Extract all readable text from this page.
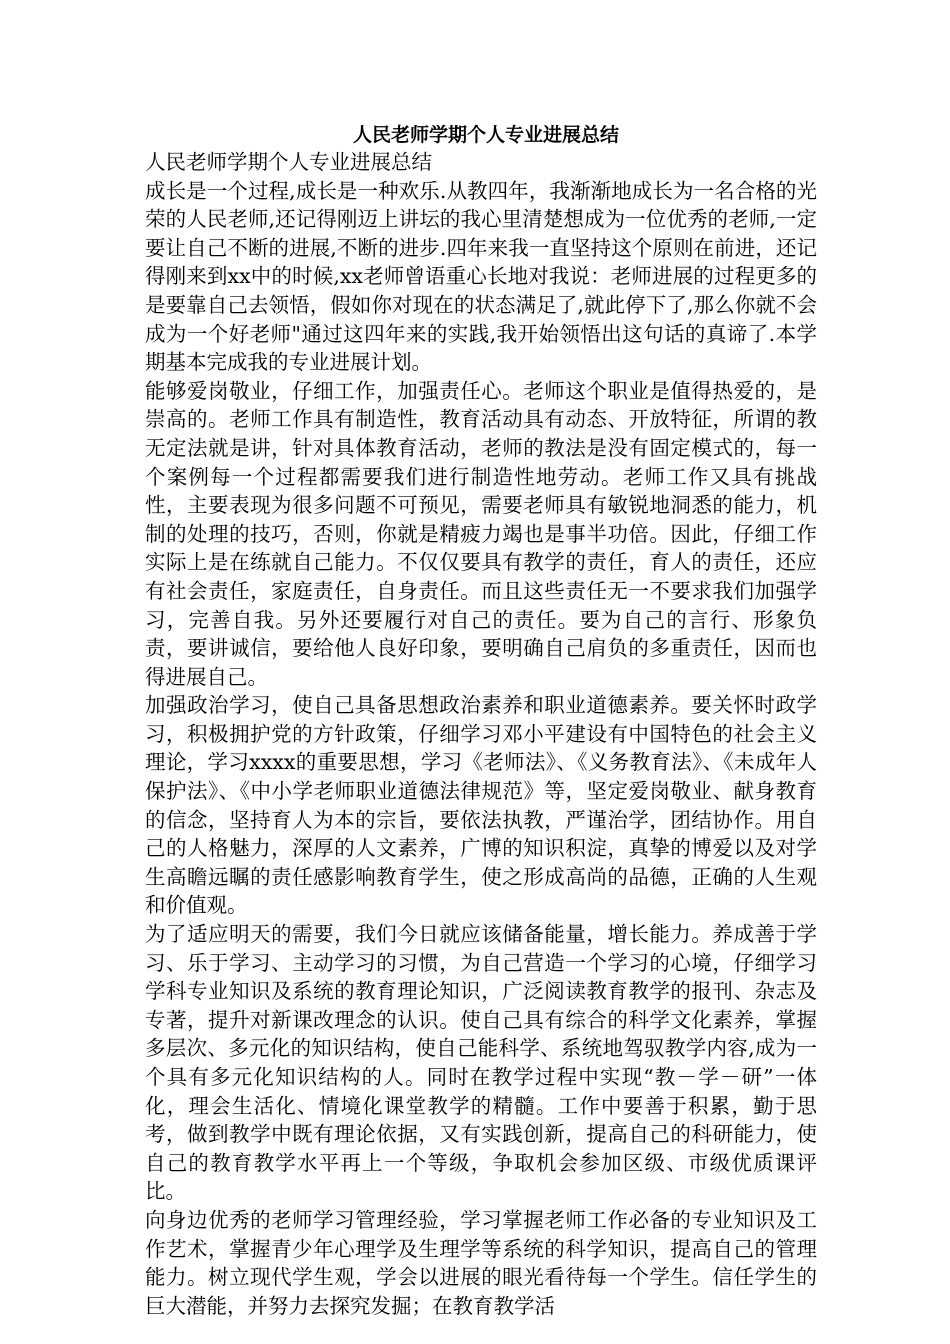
人民老师学期个人专业进展总结

人民老师学期个人专业进展总结

成长是一个过程,成长是一种欢乐.从教四年，我渐渐地成长为一名合格的光荣的人民老师,还记得刚迈上讲坛的我心里清楚想成为一位优秀的老师,一定要让自己不断的进展,不断的进步.四年来我一直坚持这个原则在前进，还记得刚来到xx中的时候,xx老师曾语重心长地对我说：老师进展的过程更多的是要靠自己去领悟，假如你对现在的状态满足了,就此停下了,那么你就不会成为一个好老师"通过这四年来的实践,我开始领悟出这句话的真谛了.本学期基本完成我的专业进展计划。

能够爱岗敬业，仔细工作，加强责任心。老师这个职业是值得热爱的，是崇高的。老师工作具有制造性，教育活动具有动态、开放特征，所谓的教无定法就是讲，针对具体教育活动，老师的教法是没有固定模式的，每一个案例每一个过程都需要我们进行制造性地劳动。老师工作又具有挑战性，主要表现为很多问题不可预见，需要老师具有敏锐地洞悉的能力，机制的处理的技巧，否则，你就是精疲力竭也是事半功倍。因此，仔细工作实际上是在练就自己能力。不仅仅要具有教学的责任，育人的责任，还应有社会责任，家庭责任，自身责任。而且这些责任无一不要求我们加强学习，完善自我。另外还要履行对自己的责任。要为自己的言行、形象负责，要讲诚信，要给他人良好印象，要明确自己肩负的多重责任，因而也得进展自己。

加强政治学习，使自己具备思想政治素养和职业道德素养。要关怀时政学习，积极拥护党的方针政策，仔细学习邓小平建设有中国特色的社会主义理论，学习xxxx的重要思想，学习《老师法》、《义务教育法》、《未成年人保护法》、《中小学老师职业道德法律规范》等，坚定爱岗敬业、献身教育的信念，坚持育人为本的宗旨，要依法执教，严谨治学，团结协作。用自己的人格魅力，深厚的人文素养，广博的知识积淀，真挚的博爱以及对学生高瞻远瞩的责任感影响教育学生，使之形成高尚的品德，正确的人生观和价值观。

为了适应明天的需要，我们今日就应该储备能量，增长能力。养成善于学习、乐于学习、主动学习的习惯，为自己营造一个学习的心境，仔细学习学科专业知识及系统的教育理论知识，广泛阅读教育教学的报刊、杂志及专著，提升对新课改理念的认识。使自己具有综合的科学文化素养，掌握多层次、多元化的知识结构，使自己能科学、系统地驾驭教学内容,成为一个具有多元化知识结构的人。同时在教学过程中实现“教－学－研”一体化，理会生活化、情境化课堂教学的精髓。工作中要善于积累，勤于思考，做到教学中既有理论依据，又有实践创新，提高自己的科研能力，使自己的教育教学水平再上一个等级，争取机会参加区级、市级优质课评比。

向身边优秀的老师学习管理经验，学习掌握老师工作必备的专业知识及工作艺术，掌握青少年心理学及生理学等系统的科学知识，提高自己的管理能力。树立现代学生观，学会以进展的眼光看待每一个学生。信任学生的巨大潜能，并努力去探究发掘；在教育教学活
